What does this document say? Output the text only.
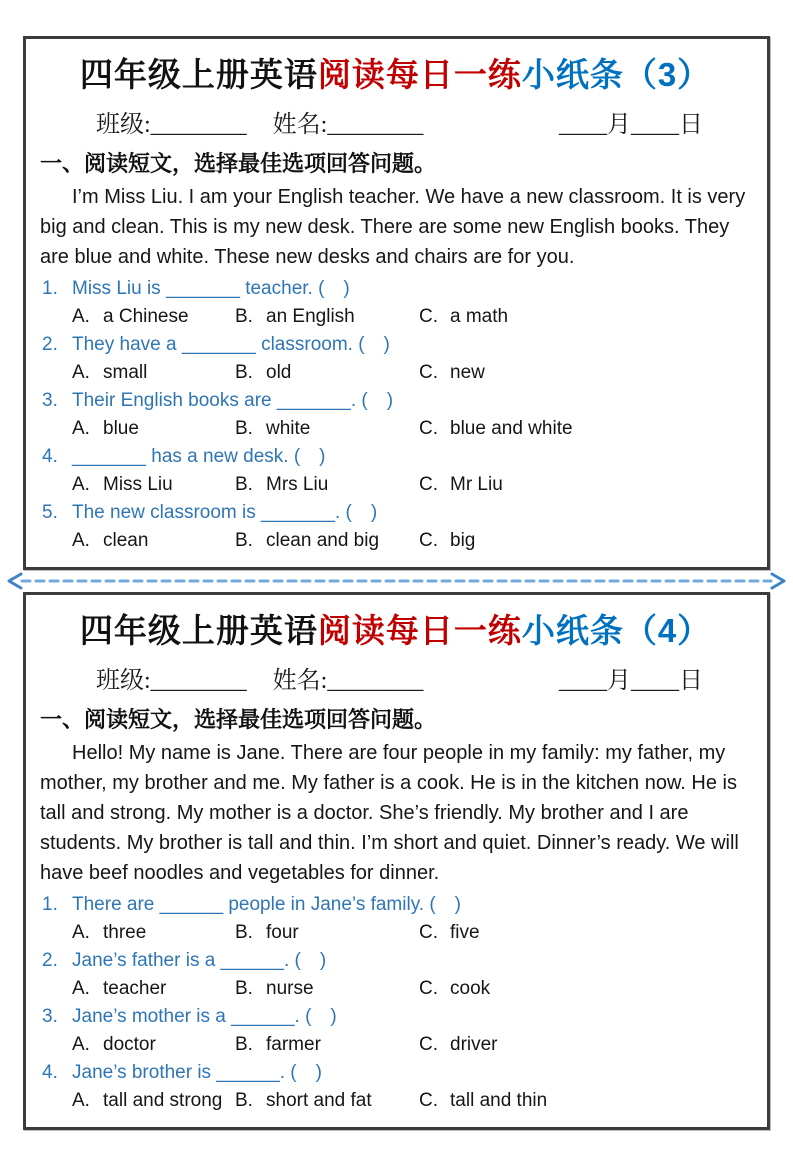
四年级上册英语阅读每日一练小纸条（3）
班级:________ 姓名:________	____月____日
一、阅读短文，选择最佳选项回答问题。

I’m Miss Liu. I am your English teacher. We have a new classroom. It is very big and clean. This is my new desk. There are some new English books. They are blue and white. These new desks and chairs are for you.

1. Miss Liu is _______ teacher. (　)
A. a Chinese	B. an English	C. a math
2. They have a _______ classroom. (　)
A. small	B. old	C. new
3. Their English books are _______. (　)
A. blue	B. white	C. blue and white
4. _______ has a new desk. (　)
A. Miss Liu	B. Mrs Liu	C. Mr Liu
5. The new classroom is _______. (　)
A. clean	B. clean and big	C. big
四年级上册英语阅读每日一练小纸条（4）
班级:________ 姓名:________	____月____日
一、阅读短文，选择最佳选项回答问题。

Hello! My name is Jane. There are four people in my family: my father, my mother, my brother and me. My father is a cook. He is in the kitchen now. He is tall and strong. My mother is a doctor. She’s friendly. My brother and I are students. My brother is tall and thin. I’m short and quiet. Dinner’s ready. We will have beef noodles and vegetables for dinner.

1. There are ______ people in Jane’s family. (　)
A. three	B. four	C. five
2. Jane’s father is a ______. (　)
A. teacher	B. nurse	C. cook
3. Jane’s mother is a ______. (　)
A. doctor	B. farmer	C. driver
4. Jane’s brother is ______. (　)
A. tall and strong B. short and fat	C. tall and thin
